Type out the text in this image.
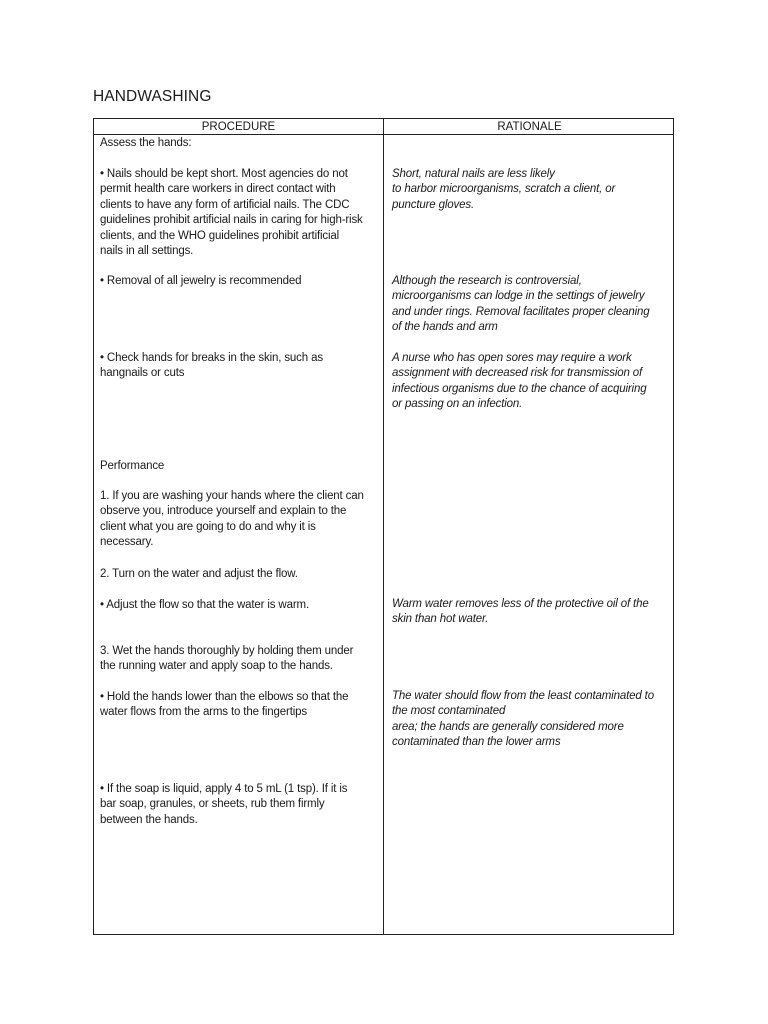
HANDWASHING
PROCEDURE	RATIONALE
Assess the hands:
• Nails should be kept short. Most agencies do not
permit health care workers in direct contact with
clients to have any form of artificial nails. The CDC
guidelines prohibit artificial nails in caring for high-risk
clients, and the WHO guidelines prohibit artificial
nails in all settings.
• Removal of all jewelry is recommended
• Check hands for breaks in the skin, such as
hangnails or cuts
Performance
1. If you are washing your hands where the client can
observe you, introduce yourself and explain to the
client what you are going to do and why it is
necessary.
2. Turn on the water and adjust the flow.
• Adjust the flow so that the water is warm.
3. Wet the hands thoroughly by holding them under
the running water and apply soap to the hands.
• Hold the hands lower than the elbows so that the
water flows from the arms to the fingertips
• If the soap is liquid, apply 4 to 5 mL (1 tsp). If it is
bar soap, granules, or sheets, rub them firmly
between the hands.
Short, natural nails are less likely
to harbor microorganisms, scratch a client, or
puncture gloves.
Although the research is controversial,
microorganisms can lodge in the settings of jewelry
and under rings. Removal facilitates proper cleaning
of the hands and arm
A nurse who has open sores may require a work
assignment with decreased risk for transmission of
infectious organisms due to the chance of acquiring
or passing on an infection.
Warm water removes less of the protective oil of the
skin than hot water.
The water should flow from the least contaminated to
the most contaminated
area; the hands are generally considered more
contaminated than the lower arms
